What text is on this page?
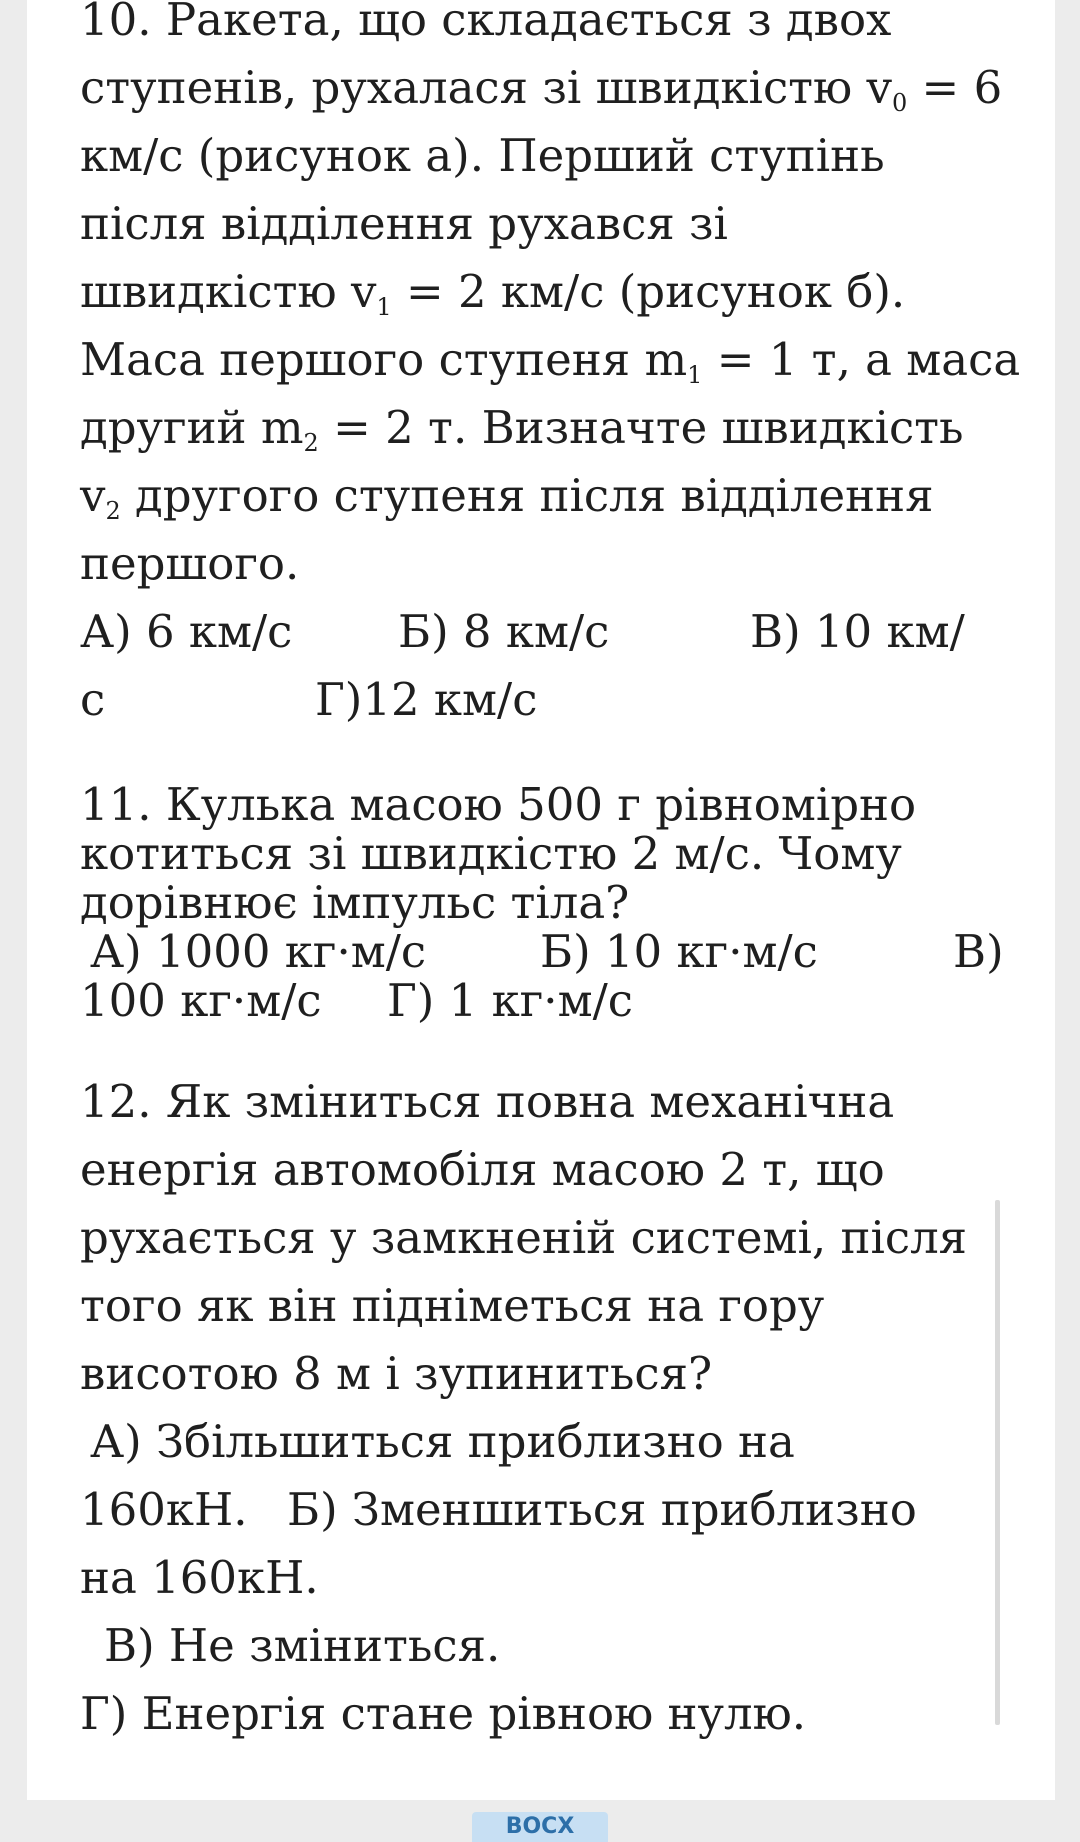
10. Ракета, що складається з двох
ступенів, рухалася зі швидкістю v0 = 6
км/с (рисунок а). Перший ступінь
після відділення рухався зі
швидкістю v1 = 2 км/с (рисунок б).
Маса першого ступеня m1 = 1 т, а маса
другий m2 = 2 т. Визначте швидкість
v2 другого ступеня після відділення
першого.
А) 6 км/с Б) 8 км/с	В) 10 км/
с	Г)12 км/с
11. Кулька масою 500 г рівномірно
котиться зі швидкістю 2 м/с. Чому
дорівнює імпульс тіла?
А) 1000 кг·м/с	Б) 10 кг·м/с	В)
100 кг·м/с Г) 1 кг·м/с
12. Як зміниться повна механічна
енергія автомобіля масою 2 т, що
рухається у замкненій системі, після
того як він підніметься на гору
висотою 8 м і зупиниться?
А) Збільшиться приблизно на
160кН. Б) Зменшиться приблизно
на 160кН.
В) Не зміниться.
Г) Енергія стане рівною нулю.
ВОСХ
